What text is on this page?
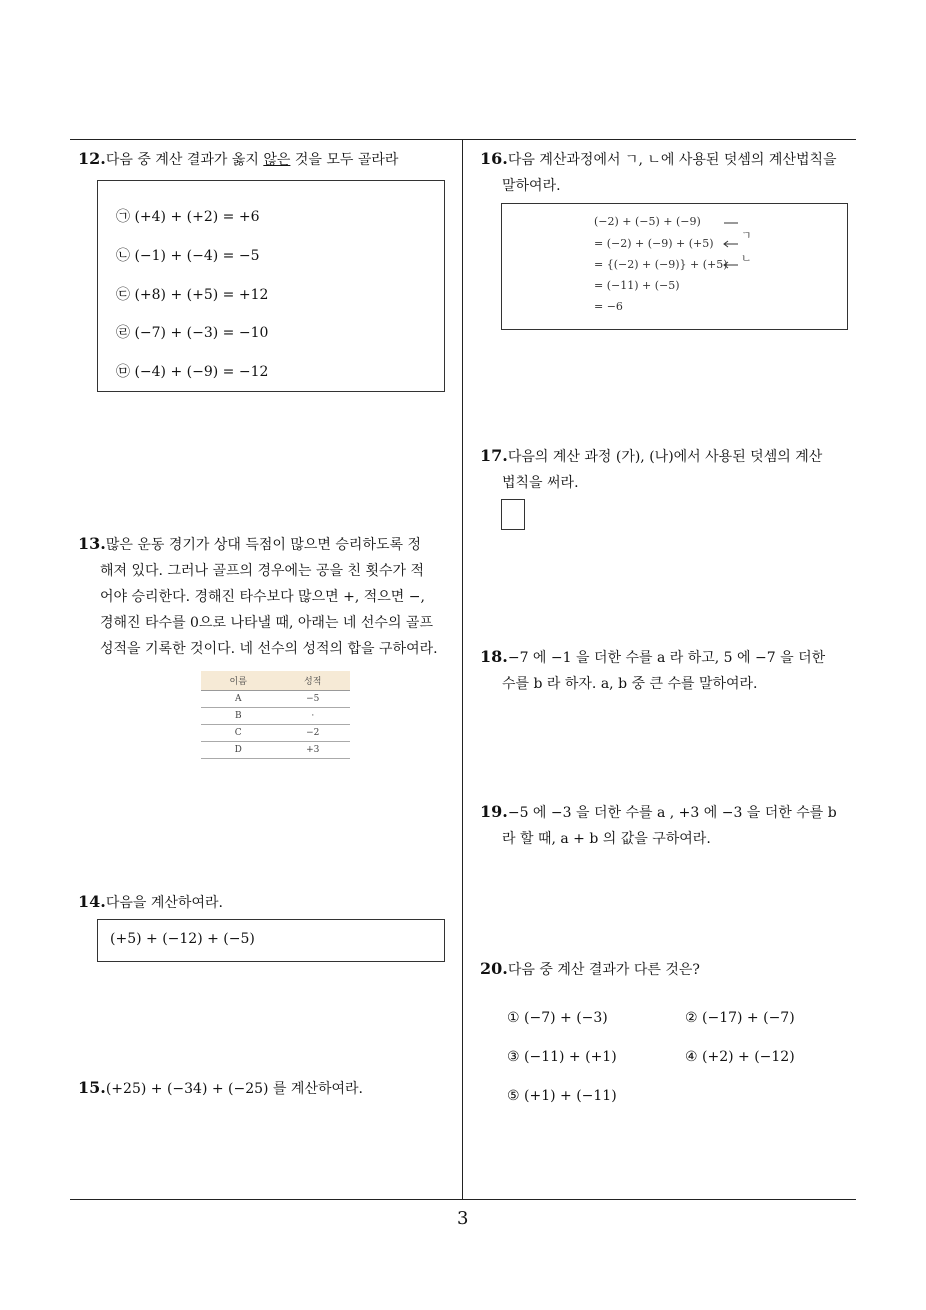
12.다음 중 계산 결과가 옳지 않은 것을 모두 골라라
㉠ (+4) + (+2) = +6
㉡ (−1) + (−4) = −5
㉢ (+8) + (+5) = +12
㉣ (−7) + (−3) = −10
㉤ (−4) + (−9) = −12
13.많은 운동 경기가 상대 득점이 많으면 승리하도록 정
해져 있다. 그러나 골프의 경우에는 공을 친 횟수가 적
어야 승리한다. 경해진 타수보다 많으면 +, 적으면 −,
경해진 타수를 0으로 나타낼 때, 아래는 네 선수의 골프
성적을 기록한 것이다. 네 선수의 성적의 합을 구하여라.
이름	성적
A	−5
B	·
C	−2
D	+3
14.다음을 계산하여라.
(+5) + (−12) + (−5)
15.(+25) + (−34) + (−25) 를 계산하여라.
16.다음 계산과정에서 ㄱ, ㄴ에 사용된 덧셈의 계산법칙을
말하여라.
(−2) + (−5) + (−9)
= (−2) + (−9) + (+5)
= {(−2) + (−9)} + (+5)
= (−11) + (−5)
= −6
ㄱ
ㄴ
17.다음의 계산 과정 (가), (나)에서 사용된 덧셈의 계산
법칙을 써라.
18.−7 에 −1 을 더한 수를 a 라 하고, 5 에 −7 을 더한
수를 b 라 하자. a, b 중 큰 수를 말하여라.
19.−5 에 −3 을 더한 수를 a , +3 에 −3 을 더한 수를 b
라 할 때, a + b 의 값을 구하여라.
20.다음 중 계산 결과가 다른 것은?
① (−7) + (−3)	② (−17) + (−7)
③ (−11) + (+1)	④ (+2) + (−12)
⑤ (+1) + (−11)
3
